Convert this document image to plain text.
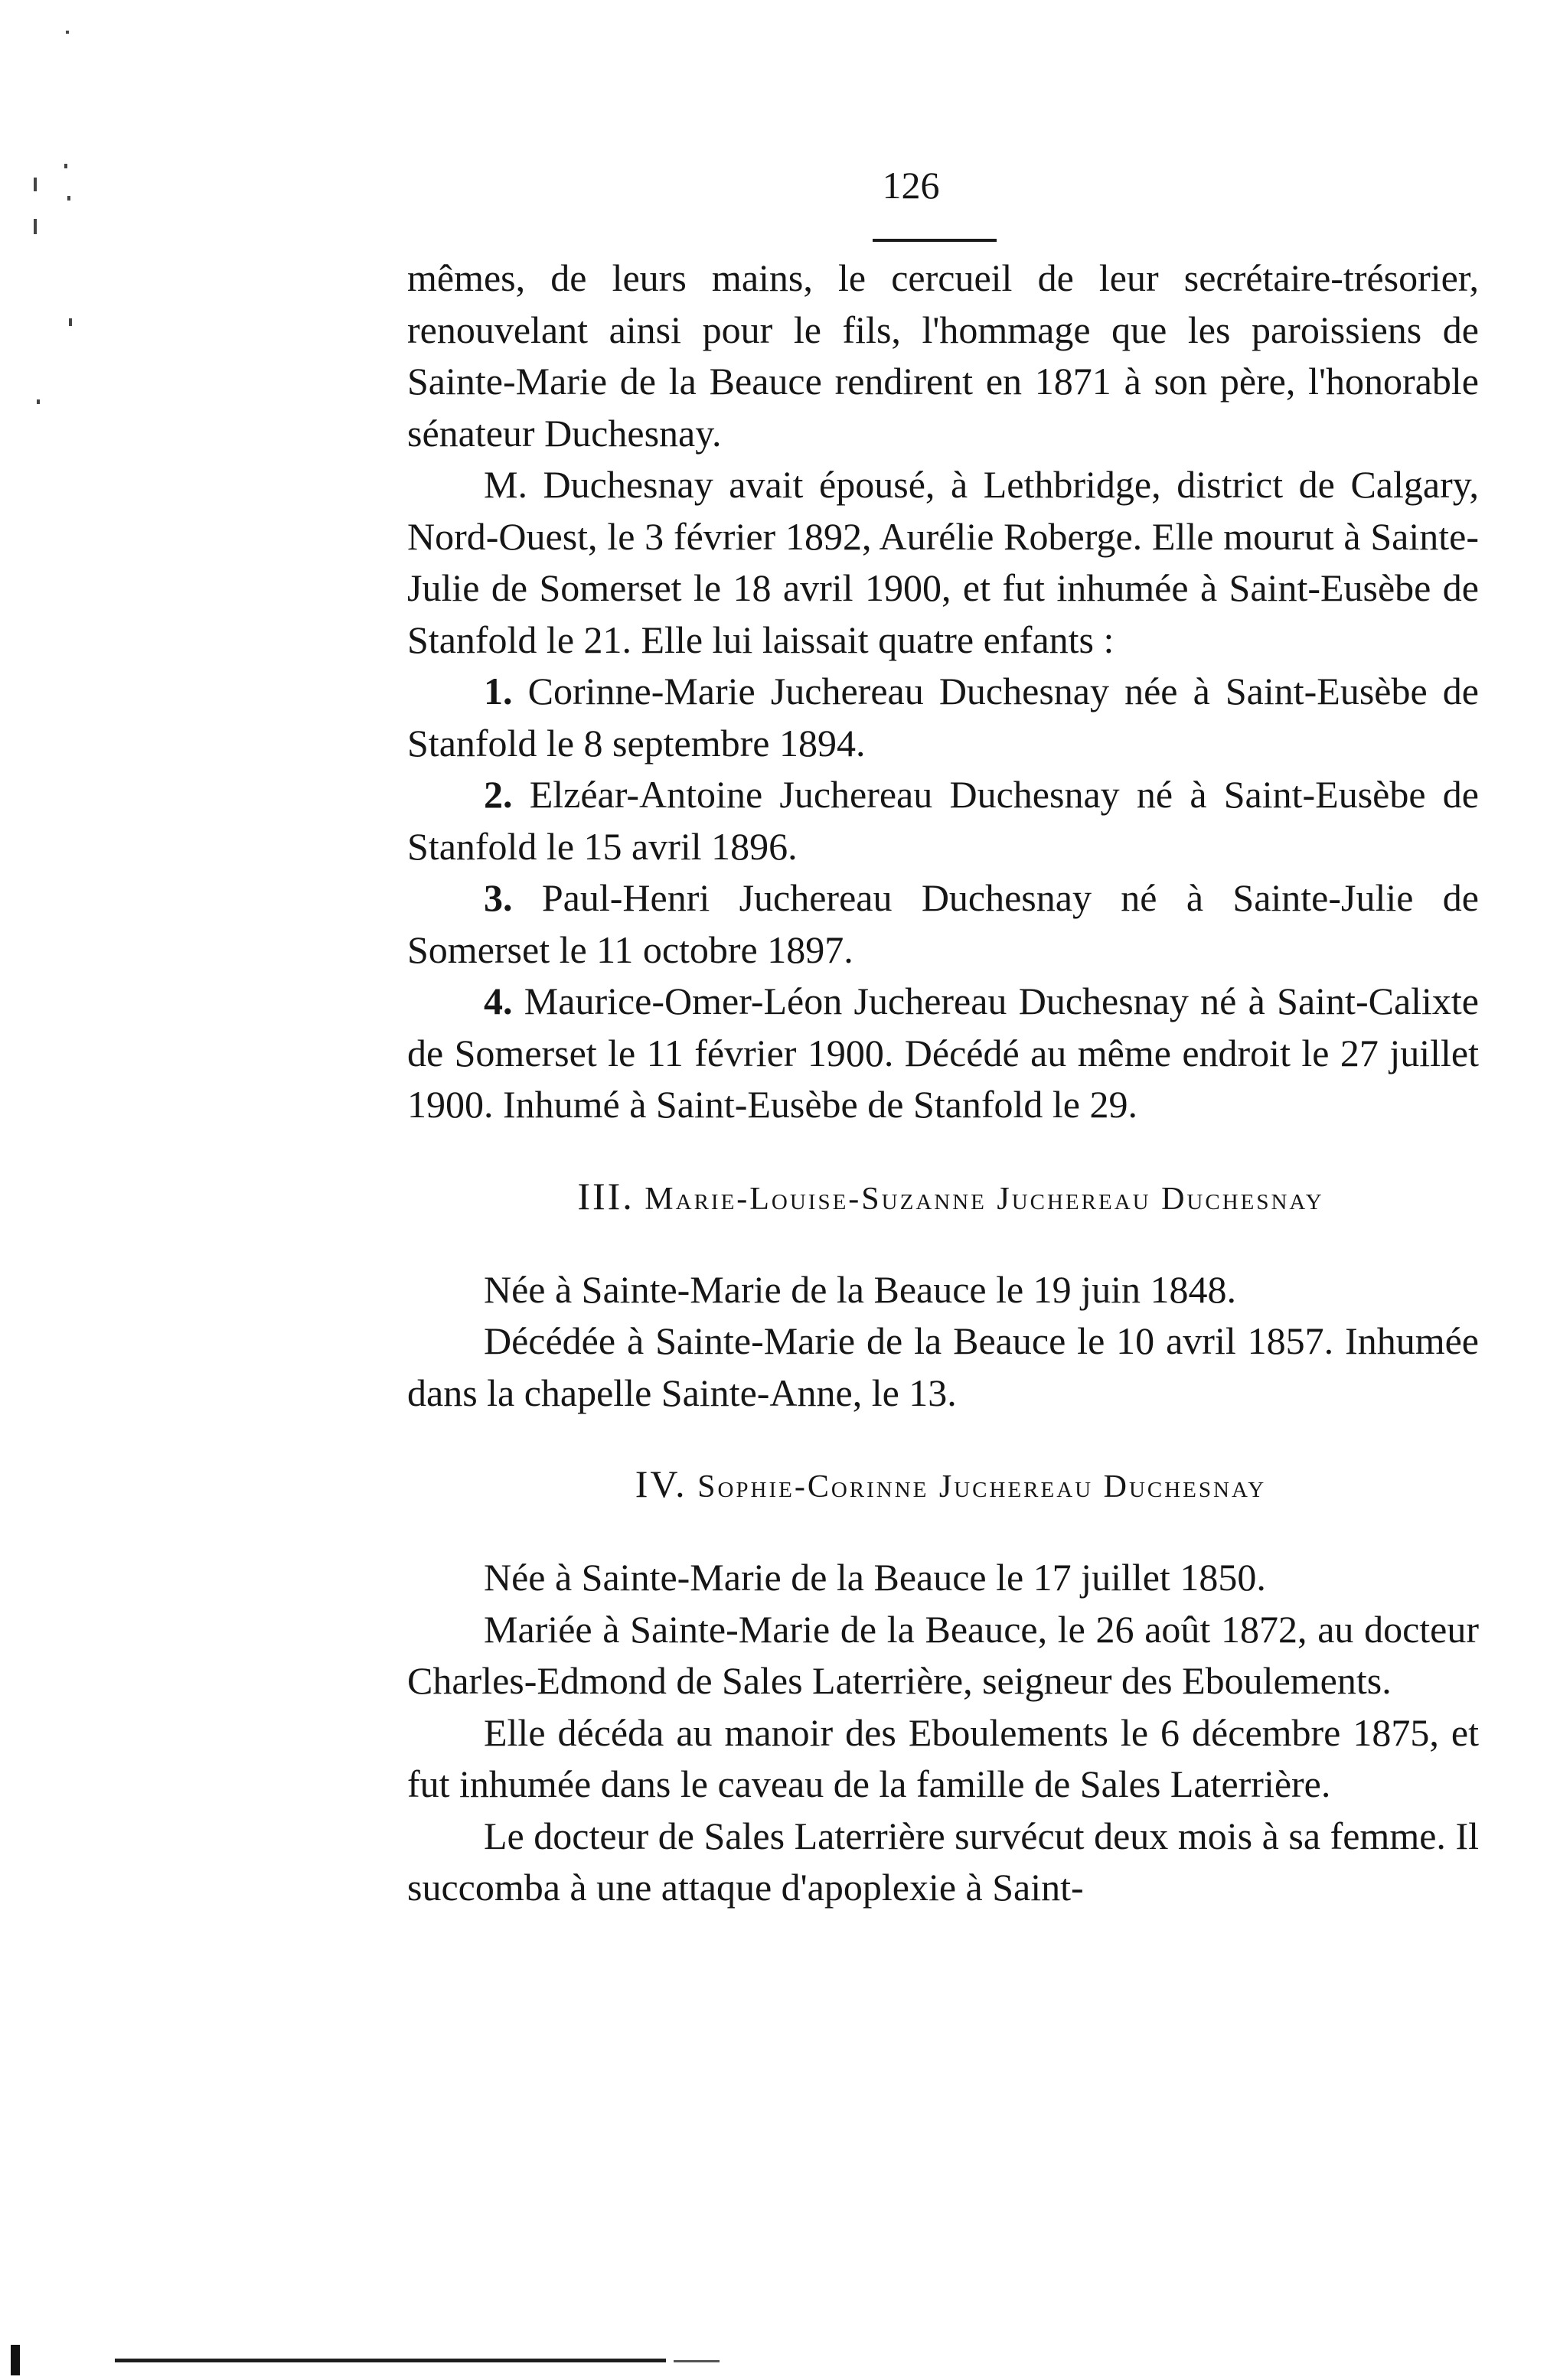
126

mêmes, de leurs mains, le cercueil de leur secrétaire-trésorier, renouvelant ainsi pour le fils, l'hommage que les paroissiens de Sainte-Marie de la Beauce rendirent en 1871 à son père, l'honorable sénateur Duchesnay.

M. Duchesnay avait épousé, à Lethbridge, district de Calgary, Nord-Ouest, le 3 février 1892, Aurélie Roberge. Elle mourut à Sainte-Julie de Somerset le 18 avril 1900, et fut inhumée à Saint-Eusèbe de Stanfold le 21. Elle lui laissait quatre enfants :

1. Corinne-Marie Juchereau Duchesnay née à Saint-Eusèbe de Stanfold le 8 septembre 1894.

2. Elzéar-Antoine Juchereau Duchesnay né à Saint-Eusèbe de Stanfold le 15 avril 1896.

3. Paul-Henri Juchereau Duchesnay né à Sainte-Julie de Somerset le 11 octobre 1897.

4. Maurice-Omer-Léon Juchereau Duchesnay né à Saint-Calixte de Somerset le 11 février 1900. Décédé au même endroit le 27 juillet 1900. Inhumé à Saint-Eusèbe de Stanfold le 29.

III. Marie-Louise-Suzanne Juchereau Duchesnay

Née à Sainte-Marie de la Beauce le 19 juin 1848.

Décédée à Sainte-Marie de la Beauce le 10 avril 1857. Inhumée dans la chapelle Sainte-Anne, le 13.

IV. Sophie-Corinne Juchereau Duchesnay

Née à Sainte-Marie de la Beauce le 17 juillet 1850.

Mariée à Sainte-Marie de la Beauce, le 26 août 1872, au docteur Charles-Edmond de Sales Laterrière, seigneur des Eboulements.

Elle décéda au manoir des Eboulements le 6 décembre 1875, et fut inhumée dans le caveau de la famille de Sales Laterrière.

Le docteur de Sales Laterrière survécut deux mois à sa femme. Il succomba à une attaque d'apoplexie à Saint-
